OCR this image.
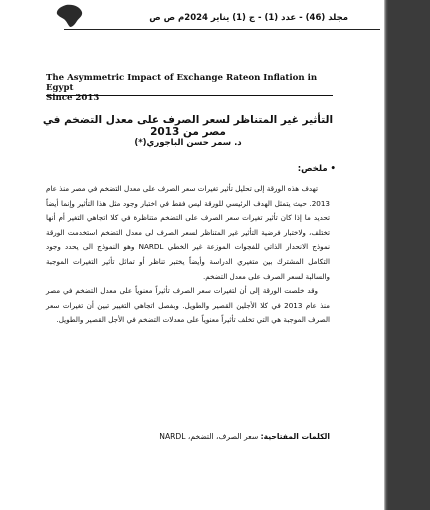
683
مجلد (46) - عدد (1) - ج (1) يناير 2024م ص ص
The Asymmetric Impact of Exchange Rateon Inflation in Egypt
Since 2013
التأثير غير المتناظر لسعر الصرف على معدل التضخم في مصر من 2013
د. سمر حسن الباجوري(*)
• ملخص:

تهدف هذه الورقة إلى تحليل تأثير تغيرات سعر الصرف على معدل التضخم في مصر منذ عام 2013. حيث يتمثل الهدف الرئيسي للورقة ليس فقط في اختبار وجود مثل هذا التأثير وإنما أيضاً تحديد ما إذا كان تأثير تغيرات سعر الصرف على التضخم متناظرة في كلا اتجاهي التغير أم أنها تختلف، ولاختبار فرضية التأثير غير المتناظر لسعر الصرف لى معدل التضخم استخدمت الورقة نموذج الانحدار الذاتي للفجوات الموزعة غير الخطي NARDL وهو النموذج الى يحدد وجود التكامل المشترك بين متغيري الدراسة وأيضاً يختبر تناظر أو تماثل تأثير التغيرات الموجبة والسالبة لسعر الصرف على معدل التضخم.

وقد خلصت الورقة إلى أن لتغيرات سعر الصرف تأثيراً معنوياً على معدل التضخم في مصر منذ عام 2013 في كلا الأجلين القصير والطويل. وبفصل اتجاهي التغيير تبين أن تغيرات سعر الصرف الموجبة هي التي تخلف تأثيراً معنوياً على معدلات التضخم في الأجل القصير والطويل.

الكلمات المفتاحية: سعر الصرف، التضخم، NARDL
